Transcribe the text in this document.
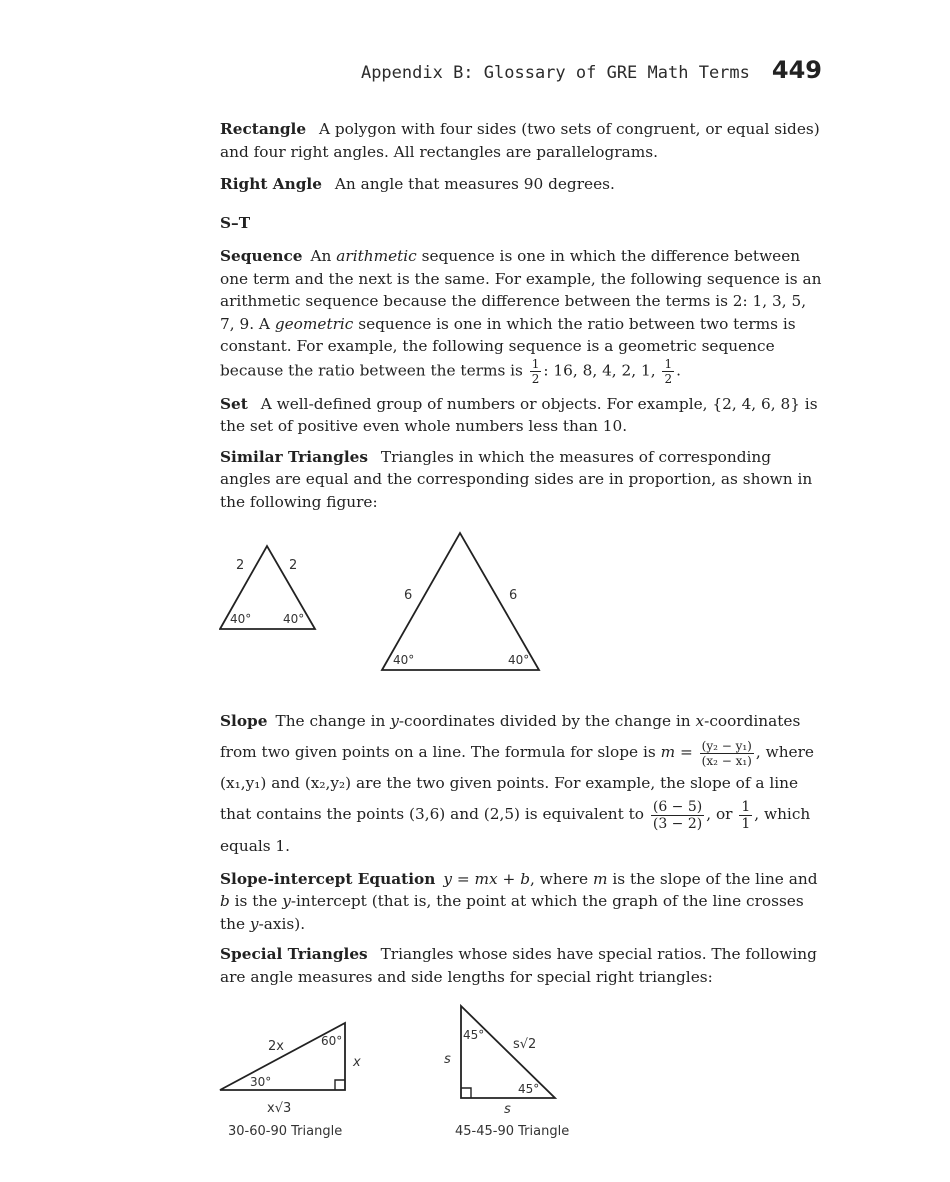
Appendix B: Glossary of GRE Math Terms 449

Rectangle A polygon with four sides (two sets of congruent, or equal sides) and four right angles. All rectangles are parallelograms.

Right Angle An angle that measures 90 degrees.

S–T

Sequence An arithmetic sequence is one in which the difference between one term and the next is the same. For example, the following sequence is an arithmetic sequence because the difference between the terms is 2: 1, 3, 5, 7, 9. A geometric sequence is one in which the ratio between two terms is constant. For example, the following sequence is a geometric sequence because the ratio between the terms is $\frac{1}{2}$ : 16, 8, 4, 2, 1, $\frac{1}{2}$ .

Set A well-defined group of numbers or objects. For example, {2, 4, 6, 8} is the set of positive even whole numbers less than 10.

Similar Triangles Triangles in which the measures of corresponding angles are equal and the corresponding sides are in proportion, as shown in the following figure:

2	2
40°	40°
6	6
40°	40°

Slope The change in y-coordinates divided by the change in x-coordinates from two given points on a line. The formula for slope is $m = \frac{\text{(y₂ − y₁)}}{\text{(x₂ − x₁)}}$ , where (x₁,y₁) and (x₂,y₂) are the two given points. For example, the slope of a line that contains the points (3,6) and (2,5) is equivalent to $\frac{(6 - 5)}{(3 - 2)}$ , or $\frac{1}{1}$ , which equals 1.

Slope-intercept Equation y = mx + b, where m is the slope of the line and b is the y-intercept (that is, the point at which the graph of the line crosses the y-axis).

Special Triangles Triangles whose sides have special ratios. The following are angle measures and side lengths for special right triangles:

2x	60°
x
30°
x√3
30-60-90 Triangle
45°
s√2
s
45°
s
45-45-90 Triangle
